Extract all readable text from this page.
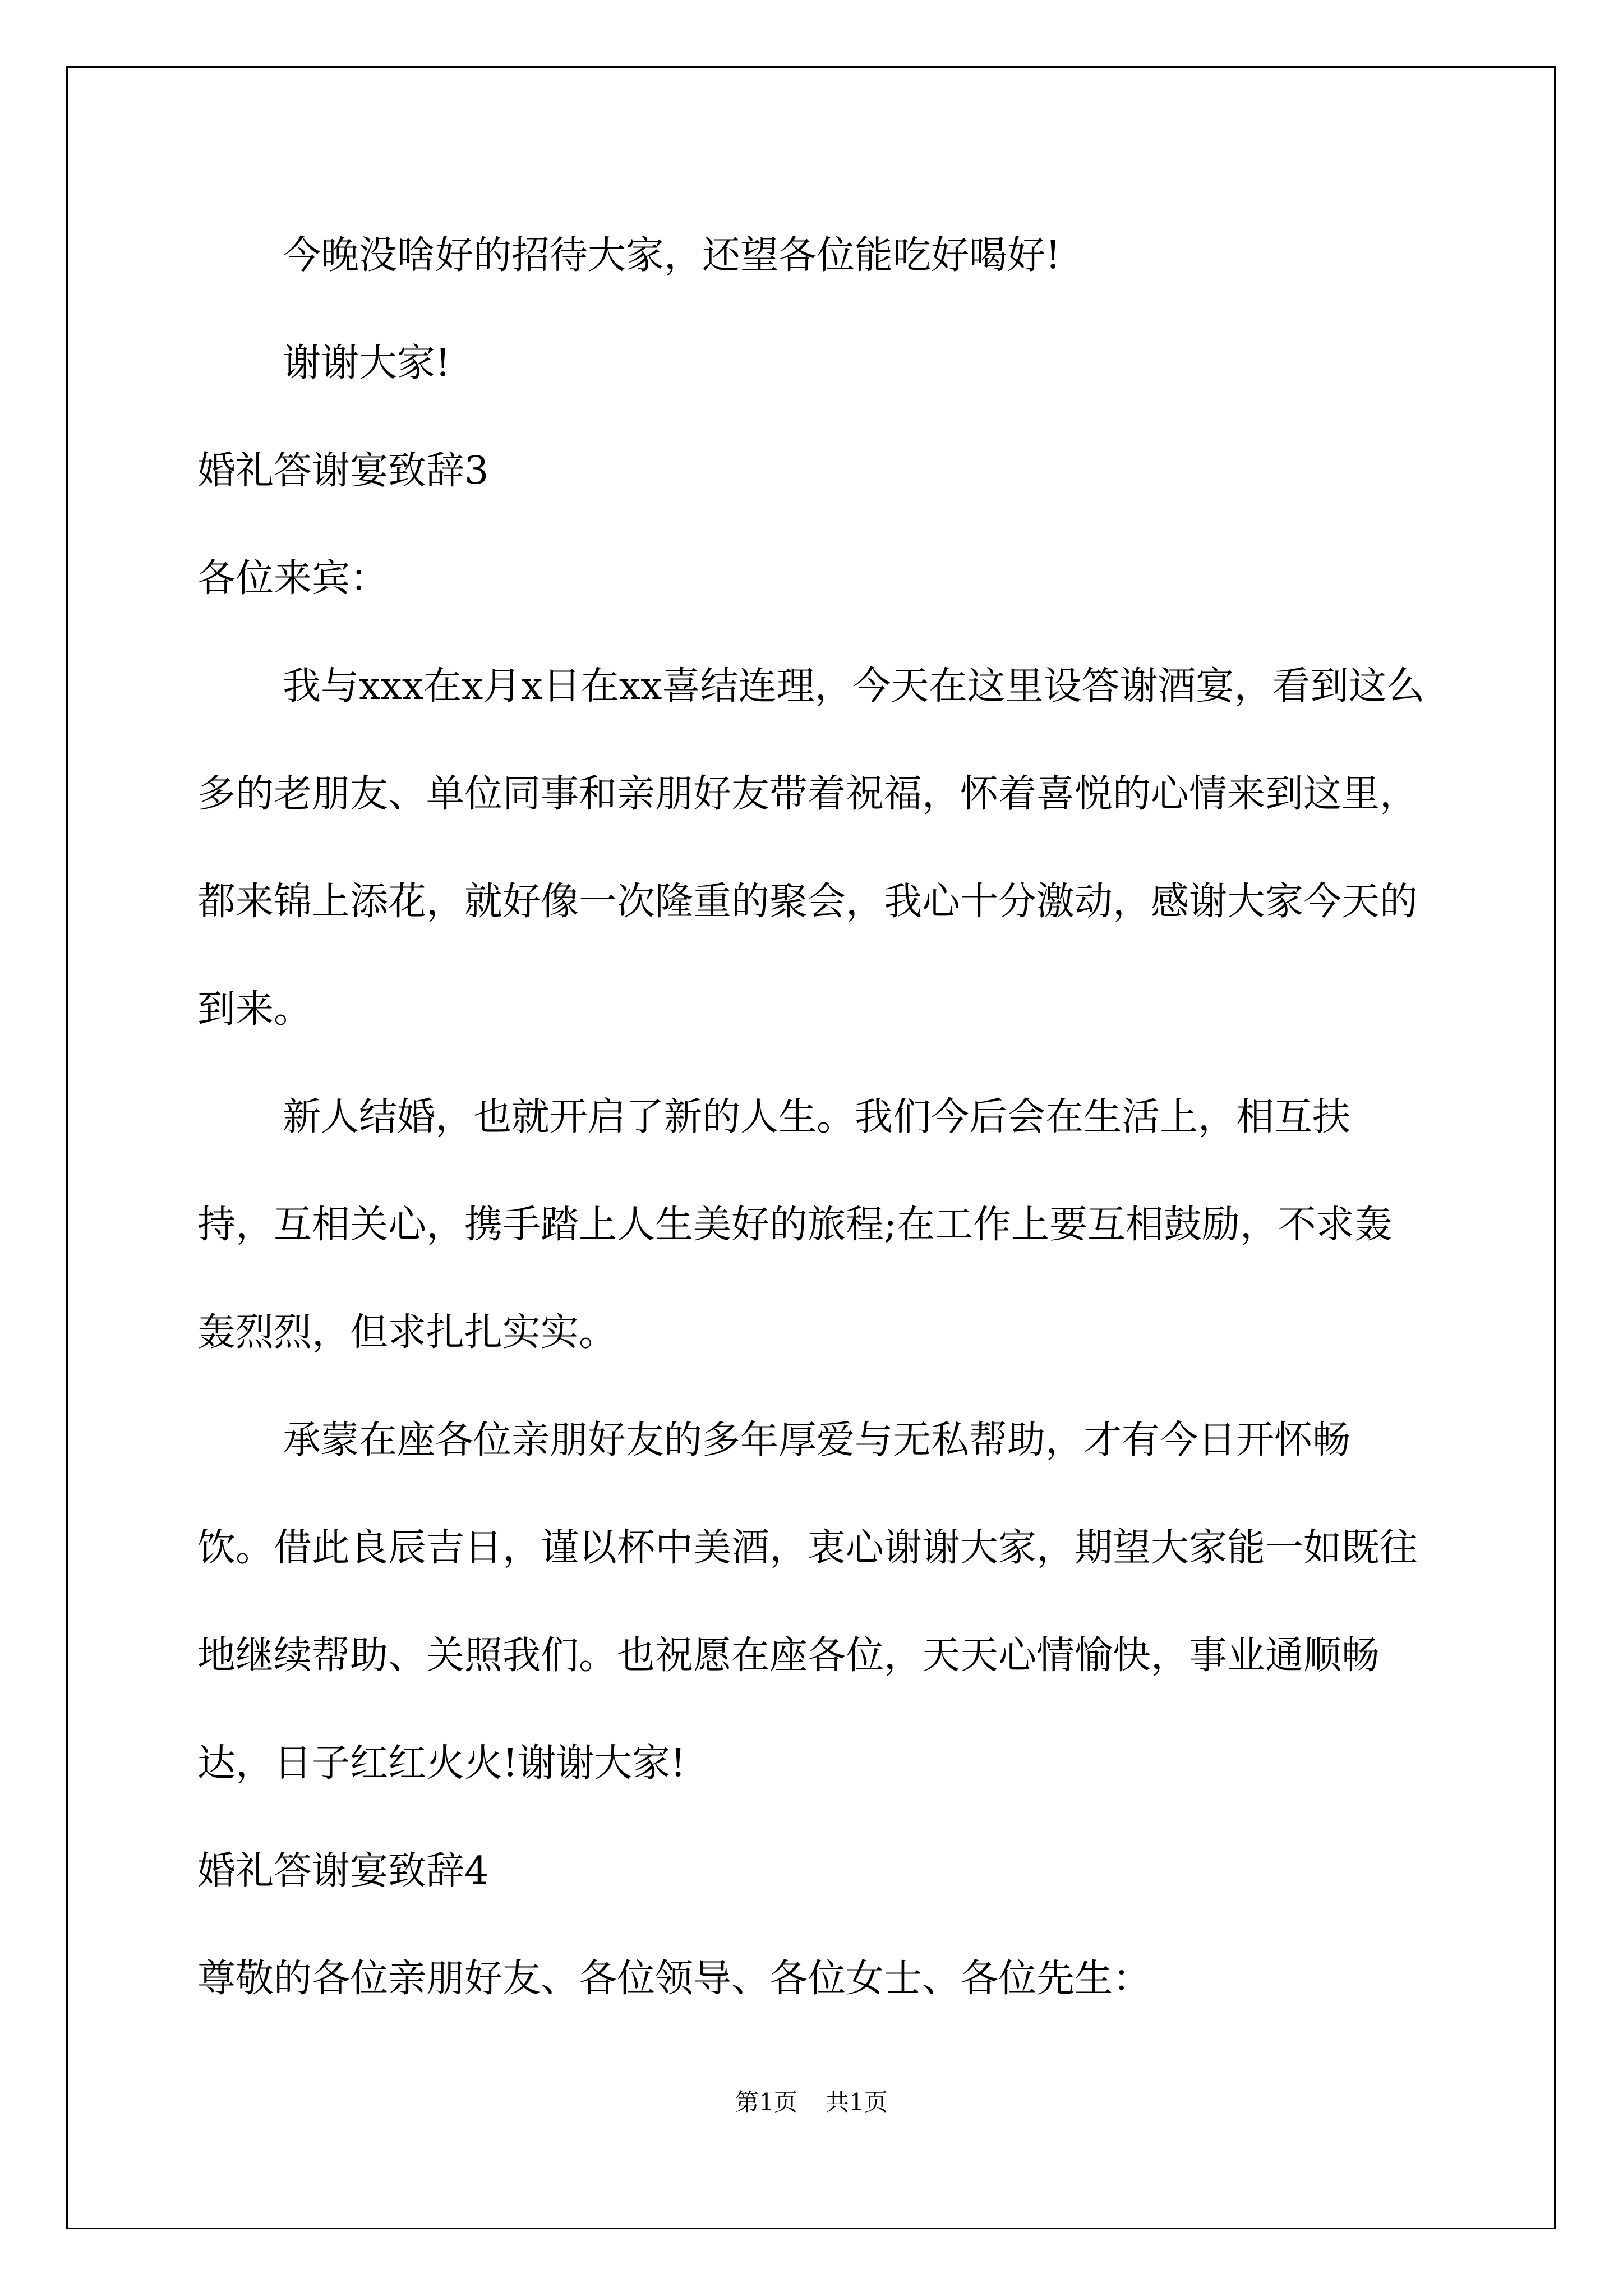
今晚没啥好的招待大家，还望各位能吃好喝好!

谢谢大家!

婚礼答谢宴致辞3

各位来宾：

我与xxx在x月x日在xx喜结连理，今天在这里设答谢酒宴，看到这么多的老朋友、单位同事和亲朋好友带着祝福，怀着喜悦的心情来到这里，都来锦上添花，就好像一次隆重的聚会，我心十分激动，感谢大家今天的到来。

新人结婚，也就开启了新的人生。我们今后会在生活上，相互扶持，互相关心，携手踏上人生美好的旅程;在工作上要互相鼓励，不求轰轰烈烈，但求扎扎实实。

承蒙在座各位亲朋好友的多年厚爱与无私帮助，才有今日开怀畅饮。借此良辰吉日，谨以杯中美酒，衷心谢谢大家，期望大家能一如既往地继续帮助、关照我们。也祝愿在座各位，天天心情愉快，事业通顺畅达，日子红红火火!谢谢大家!

婚礼答谢宴致辞4

尊敬的各位亲朋好友、各位领导、各位女士、各位先生：

第1页 共1页
